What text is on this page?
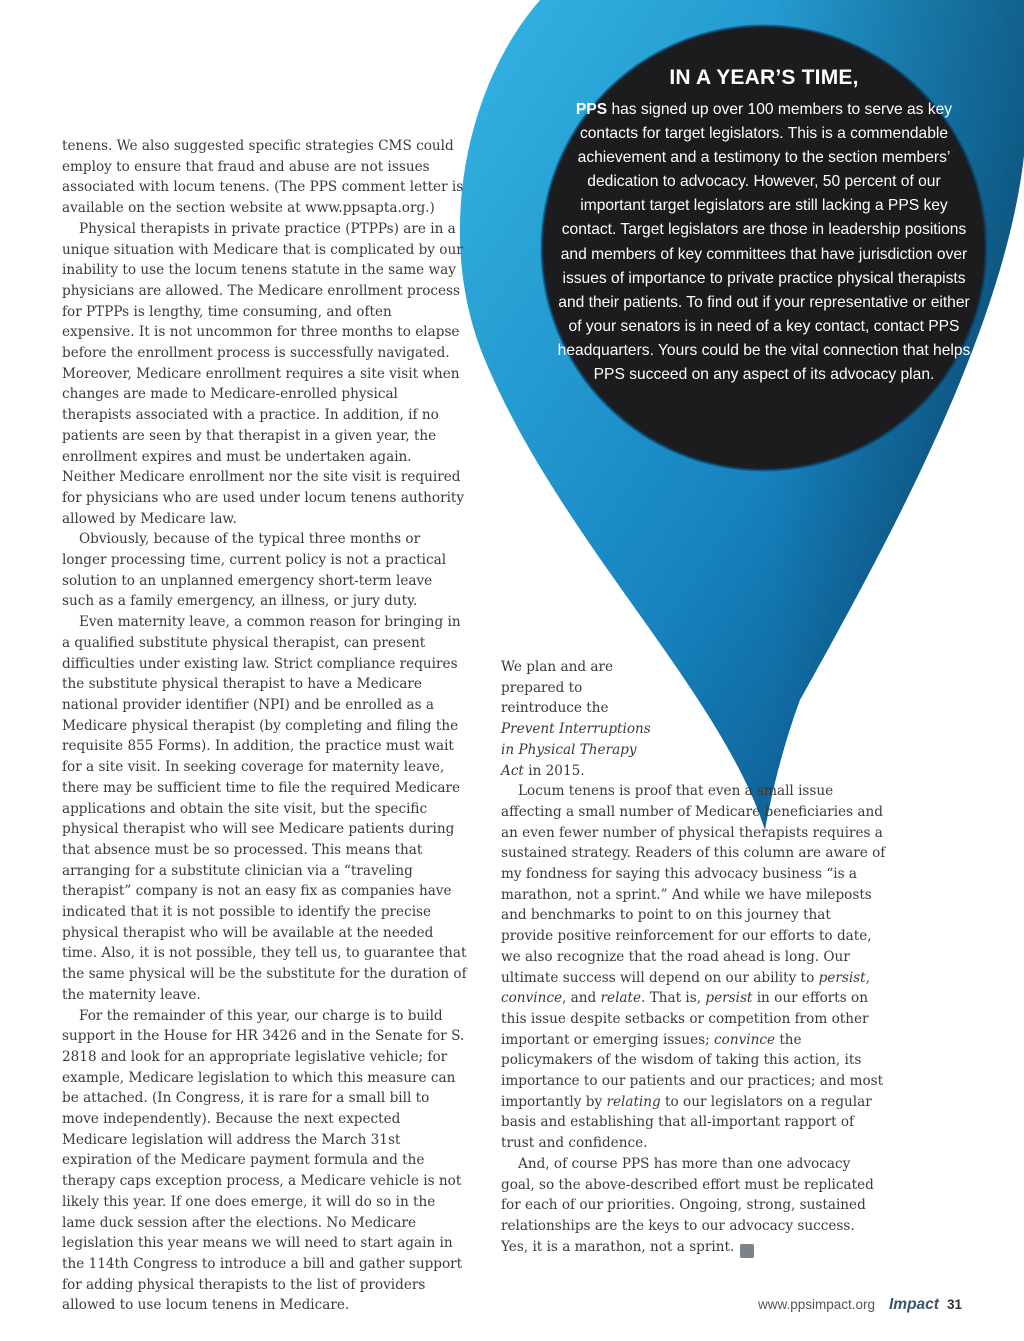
IN A YEAR’S TIME,
PPS has signed up over 100 members to serve as key contacts for target legislators. This is a commendable achievement and a testimony to the section members’ dedication to advocacy. However, 50 percent of our important target legislators are still lacking a PPS key contact. Target legislators are those in leadership positions and members of key committees that have jurisdiction over issues of importance to private practice physical therapists and their patients. To find out if your representative or either of your senators is in need of a key contact, contact PPS headquarters. Yours could be the vital connection that helps PPS succeed on any aspect of its advocacy plan.

tenens. We also suggested specific strategies CMS could employ to ensure that fraud and abuse are not issues associated with locum tenens. (The PPS comment letter is available on the section website at www.ppsapta.org.)

Physical therapists in private practice (PTPPs) are in a unique situation with Medicare that is complicated by our inability to use the locum tenens statute in the same way physicians are allowed. The Medicare enrollment process for PTPPs is lengthy, time consuming, and often expensive. It is not uncommon for three months to elapse before the enrollment process is successfully navigated. Moreover, Medicare enrollment requires a site visit when changes are made to Medicare-enrolled physical therapists associated with a practice. In addition, if no patients are seen by that therapist in a given year, the enrollment expires and must be undertaken again. Neither Medicare enrollment nor the site visit is required for physicians who are used under locum tenens authority allowed by Medicare law.

Obviously, because of the typical three months or longer processing time, current policy is not a practical solution to an unplanned emergency short-term leave such as a family emergency, an illness, or jury duty.

Even maternity leave, a common reason for bringing in a qualified substitute physical therapist, can present difficulties under existing law. Strict compliance requires the substitute physical therapist to have a Medicare national provider identifier (NPI) and be enrolled as a Medicare physical therapist (by completing and filing the requisite 855 Forms). In addition, the practice must wait for a site visit. In seeking coverage for maternity leave, there may be sufficient time to file the required Medicare applications and obtain the site visit, but the specific physical therapist who will see Medicare patients during that absence must be so processed. This means that arranging for a substitute clinician via a “traveling therapist” company is not an easy fix as companies have indicated that it is not possible to identify the precise physical therapist who will be available at the needed time. Also, it is not possible, they tell us, to guarantee that the same physical will be the substitute for the duration of the maternity leave.

For the remainder of this year, our charge is to build support in the House for HR 3426 and in the Senate for S. 2818 and look for an appropriate legislative vehicle; for example, Medicare legislation to which this measure can be attached. (In Congress, it is rare for a small bill to move independently). Because the next expected Medicare legislation will address the March 31st expiration of the Medicare payment formula and the therapy caps exception process, a Medicare vehicle is not likely this year. If one does emerge, it will do so in the lame duck session after the elections. No Medicare legislation this year means we will need to start again in the 114th Congress to introduce a bill and gather support for adding physical therapists to the list of providers allowed to use locum tenens in Medicare.

We plan and are prepared to reintroduce the Prevent Interruptions in Physical Therapy Act in 2015.

Locum tenens is proof that even a small issue affecting a small number of Medicare beneficiaries and an even fewer number of physical therapists requires a sustained strategy. Readers of this column are aware of my fondness for saying this advocacy business “is a marathon, not a sprint.” And while we have mileposts and benchmarks to point to on this journey that provide positive reinforcement for our efforts to date, we also recognize that the road ahead is long. Our ultimate success will depend on our ability to persist, convince, and relate. That is, persist in our efforts on this issue despite setbacks or competition from other important or emerging issues; convince the policymakers of the wisdom of taking this action, its importance to our patients and our practices; and most importantly by relating to our legislators on a regular basis and establishing that all-important rapport of trust and confidence.

And, of course PPS has more than one advocacy goal, so the above-described effort must be replicated for each of our priorities. Ongoing, strong, sustained relationships are the keys to our advocacy success. Yes, it is a marathon, not a sprint. I

www.ppsimpact.org Impact 31
